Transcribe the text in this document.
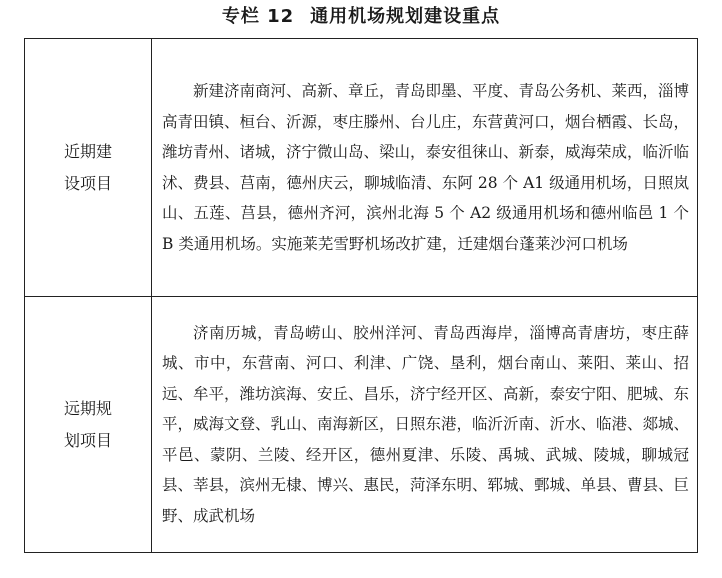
专栏 12 通用机场规划建设重点
近期建
设项目	新建济南商河、高新、章丘，青岛即墨、平度、青岛公务机、莱西，淄博高青田镇、桓台、沂源，枣庄滕州、台儿庄，东营黄河口，烟台栖霞、长岛，潍坊青州、诸城，济宁微山岛、梁山，泰安徂徕山、新泰，威海荣成，临沂临沭、费县、莒南，德州庆云，聊城临清、东阿 28 个 A1 级通用机场，日照岚山、五莲、莒县，德州齐河，滨州北海 5 个 A2 级通用机场和德州临邑 1 个 B 类通用机场。实施莱芜雪野机场改扩建，迁建烟台蓬莱沙河口机场

远期规
划项目	济南历城，青岛崂山、胶州洋河、青岛西海岸，淄博高青唐坊，枣庄薛城、市中，东营南、河口、利津、广饶、垦利，烟台南山、莱阳、莱山、招远、牟平，潍坊滨海、安丘、昌乐，济宁经开区、高新，泰安宁阳、肥城、东平，威海文登、乳山、南海新区，日照东港，临沂沂南、沂水、临港、郯城、平邑、蒙阴、兰陵、经开区，德州夏津、乐陵、禹城、武城、陵城，聊城冠县、莘县，滨州无棣、博兴、惠民，菏泽东明、郓城、鄄城、单县、曹县、巨野、成武机场
